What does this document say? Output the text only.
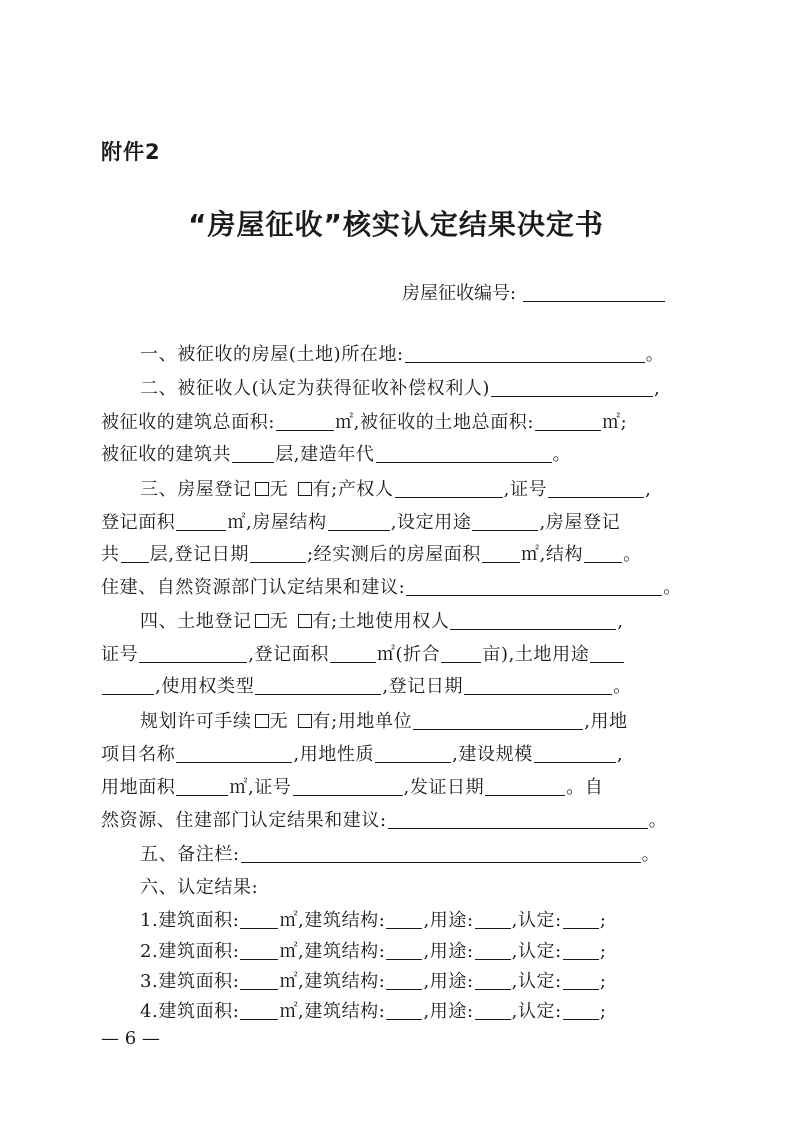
附件2
“房屋征收”核实认定结果决定书
房屋征收编号:
一、被征收的房屋(土地)所在地:	。
二、被征收人(认定为获得征收补偿权利人)	,
被征收的建筑总面积:	㎡,被征收的土地总面积:	㎡;
被征收的建筑共 层,建造年代	。
三、房屋登记 无 有;产权人	,证号	,
登记面积	㎡,房屋结构	,设定用途	,房屋登记
共 层,登记日期	;经实测后的房屋面积 ㎡,结构 。
住建、自然资源部门认定结果和建议:	。
四、土地登记 无 有;土地使用权人	,
证号	,登记面积	㎡(折合 亩),土地用途
,使用权类型	,登记日期	。
规划许可手续 无 有;用地单位	,用地
项目名称	,用地性质	,建设规模	,
用地面积	㎡,证号	,发证日期	。自
然资源、住建部门认定结果和建议:	。
五、备注栏:	。
六、认定结果:
1.建筑面积: ㎡,建筑结构: ,用途: ,认定: ;
2.建筑面积: ㎡,建筑结构: ,用途: ,认定: ;
3.建筑面积: ㎡,建筑结构: ,用途: ,认定: ;
4.建筑面积: ㎡,建筑结构: ,用途: ,认定: ;
— 6 —
